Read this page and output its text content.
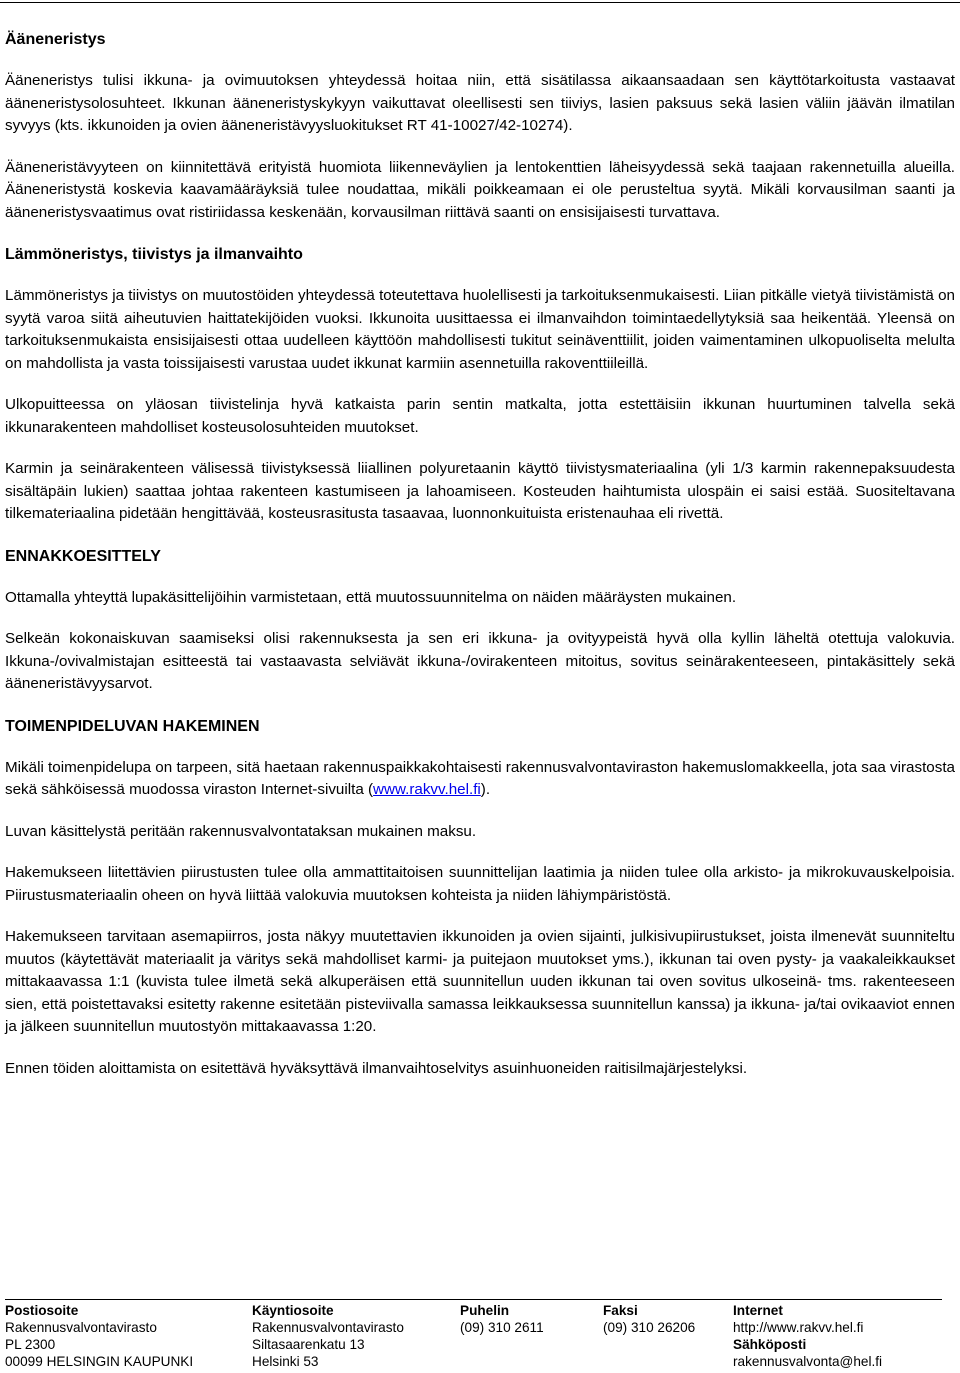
Ääneneristys

Ääneneristys tulisi ikkuna- ja ovimuutoksen yhteydessä hoitaa niin, että sisätilassa aikaansaadaan sen käyttötarkoitusta vastaavat ääneneristysolosuhteet. Ikkunan ääneneristyskykyyn vaikuttavat oleellisesti sen tiiviys, lasien paksuus sekä lasien väliin jäävän ilmatilan syvyys (kts. ikkunoiden ja ovien ääneneristävyysluokitukset RT 41-10027/42-10274).

Ääneneristävyyteen on kiinnitettävä erityistä huomiota liikenneväylien ja lentokenttien läheisyydessä sekä taajaan rakennetuilla alueilla. Ääneneristystä koskevia kaavamääräyksiä tulee noudattaa, mikäli poikkeamaan ei ole perusteltua syytä. Mikäli korvausilman saanti ja ääneneristysvaatimus ovat ristiriidassa keskenään, korvausilman riittävä saanti on ensisijaisesti turvattava.

Lämmöneristys, tiivistys ja ilmanvaihto

Lämmöneristys ja tiivistys on muutostöiden yhteydessä toteutettava huolellisesti ja tarkoituksenmukaisesti. Liian pitkälle vietyä tiivistämistä on syytä varoa siitä aiheutuvien haittatekijöiden vuoksi. Ikkunoita uusittaessa ei ilmanvaihdon toimintaedellytyksiä saa heikentää. Yleensä on tarkoituksenmukaista ensisijaisesti ottaa uudelleen käyttöön mahdollisesti tukitut seinäventtiilit, joiden vaimentaminen ulkopuoliselta melulta on mahdollista ja vasta toissijaisesti varustaa uudet ikkunat karmiin asennetuilla rakoventtiileillä.

Ulkopuitteessa on yläosan tiivistelinja hyvä katkaista parin sentin matkalta, jotta estettäisiin ikkunan huurtuminen talvella sekä ikkunarakenteen mahdolliset kosteusolosuhteiden muutokset.

Karmin ja seinärakenteen välisessä tiivistyksessä liiallinen polyuretaanin käyttö tiivistysmateriaalina (yli 1/3 karmin rakennepaksuudesta sisältäpäin lukien) saattaa johtaa rakenteen kastumiseen ja lahoamiseen. Kosteuden haihtumista ulospäin ei saisi estää. Suositeltavana tilkemateriaalina pidetään hengittävää, kosteusrasitusta tasaavaa, luonnonkuituista eristenauhaa eli rivettä.

ENNAKKOESITTELY

Ottamalla yhteyttä lupakäsittelijöihin varmistetaan, että muutossuunnitelma on näiden määräysten mukainen.

Selkeän kokonaiskuvan saamiseksi olisi rakennuksesta ja sen eri ikkuna- ja ovityypeistä hyvä olla kyllin läheltä otettuja valokuvia. Ikkuna-/ovivalmistajan esitteestä tai vastaavasta selviävät ikkuna-/ovirakenteen mitoitus, sovitus seinärakenteeseen, pintakäsittely sekä ääneneristävyysarvot.

TOIMENPIDELUVAN HAKEMINEN

Mikäli toimenpidelupa on tarpeen, sitä haetaan rakennuspaikkakohtaisesti rakennusvalvontaviraston hakemuslomakkeella, jota saa virastosta sekä sähköisessä muodossa viraston Internet-sivuilta (www.rakvv.hel.fi).

Luvan käsittelystä peritään rakennusvalvontataksan mukainen maksu.

Hakemukseen liitettävien piirustusten tulee olla ammattitaitoisen suunnittelijan laatimia ja niiden tulee olla arkisto- ja mikrokuvauskelpoisia. Piirustusmateriaalin oheen on hyvä liittää valokuvia muutoksen kohteista ja niiden lähiympäristöstä.

Hakemukseen tarvitaan asemapiirros, josta näkyy muutettavien ikkunoiden ja ovien sijainti, julkisivupiirustukset, joista ilmenevät suunniteltu muutos (käytettävät materiaalit ja väritys sekä mahdolliset karmi- ja puitejaon muutokset yms.), ikkunan tai oven pysty- ja vaakaleikkaukset mittakaavassa 1:1 (kuvista tulee ilmetä sekä alkuperäisen että suunnitellun uuden ikkunan tai oven sovitus ulkoseinä- tms. rakenteeseen sien, että poistettavaksi esitetty rakenne esitetään pisteviivalla samassa leikkauksessa suunnitellun kanssa) ja ikkuna- ja/tai ovikaaviot ennen ja jälkeen suunnitellun muutostyön mittakaavassa 1:20.

Ennen töiden aloittamista on esitettävä hyväksyttävä ilmanvaihtoselvitys asuinhuoneiden raitisilmajärjestelyksi.

Postiosoite
Rakennusvalvontavirasto
PL 2300
00099 HELSINGIN KAUPUNKI
Käyntiosoite
Rakennusvalvontavirasto
Siltasaarenkatu 13
Helsinki 53
Puhelin
(09) 310 2611
Faksi
(09) 310 26206
Internet
http://www.rakvv.hel.fi
Sähköposti
rakennusvalvonta@hel.fi
